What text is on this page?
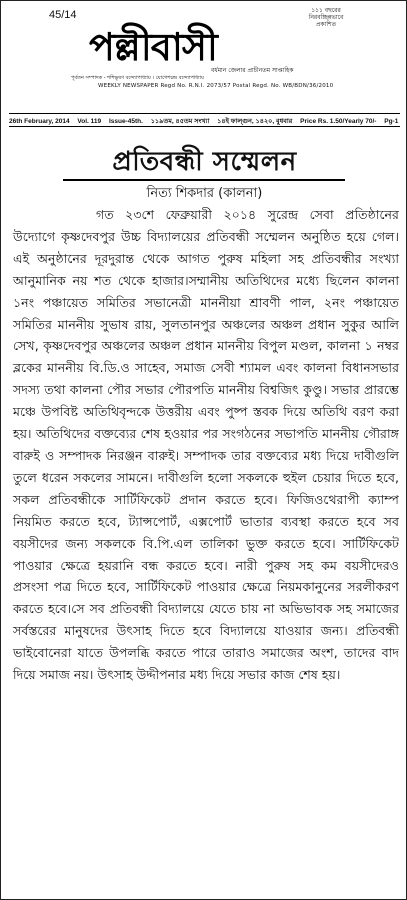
45/14	১১১ বছরের
নিরবচ্ছিন্নভাবে
প্রকাশিত
পল্লীবাসী
বর্ধমান জেলার প্রাচীনতম সাপ্তাহিক
পূর্বতন সম্পাদক - শশিভূষণ বন্দ্যোপাধ্যায় । যোগেশচন্দ্র বন্দ্যোপাধ্যায়
WEEKLY NEWSPAPER Regd No. R.N.I. 2073/57 Postal Regd. No. WB/BDN/36/2010
26th February, 2014 Vol. 119 Issue-45th. ১১৯তম, ৪৫তম সংখ্যা ১৪ই ফাল্গুন, ১৪২০, বুধবার Price Rs. 1.50/Yearly 70/- Pg-1
প্রতিবন্ধী সম্মেলন
নিত্য শিকদার (কালনা)

গত ২৩শে ফেব্রুয়ারী ২০১৪ সুরেন্দ্র সেবা প্রতিষ্ঠানের উদ্যোগে কৃষ্ণদেবপুর উচ্চ বিদ্যালয়ের প্রতিবন্ধী সম্মেলন অনুষ্ঠিত হয়ে গেল।এই অনুষ্ঠানের দূরদুরান্ত থেকে আগত পুরুষ মহিলা সহ প্রতিবন্ধীর সংখ্যা আনুমানিক নয় শত থেকে হাজার।সম্মানীয় অতিথিদের মধ্যে ছিলেন কালনা ১নং পঞ্চায়েত সমিতির সভানেত্রী মাননীয়া শ্রাবণী পাল, ২নং পঞ্চায়েত সমিতির মাননীয় সুভাষ রায়, সুলতানপুর অঞ্চলের অঞ্চল প্রধান সুকুর আলি সেখ, কৃষ্ণদেবপুর অঞ্চলের অঞ্চল প্রধান মাননীয় বিপুল মণ্ডল, কালনা ১ নম্বর ব্লকের মাননীয় বি.ডি.ও সাহেব, সমাজ সেবী শ্যামল এবং কালনা বিধানসভার সদস্য তথা কালনা পৌর সভার পৌরপতি মাননীয় বিশ্বজিৎ কুণ্ডু। সভার প্রারম্ভে মঞ্চে উপবিষ্ট অতিথিবৃন্দকে উত্তরীয় এবং পুষ্প স্তবক দিয়ে অতিথি বরণ করা হয়। অতিথিদের বক্তব্যের শেষ হওয়ার পর সংগঠনের সভাপতি মাননীয় গৌরাঙ্গ বারুই ও সম্পাদক নিরঞ্জন বারুই। সম্পাদক তার বক্তব্যের মধ্য দিয়ে দাবীগুলি তুলে ধরেন সকলের সামনে। দাবীগুলি হলো সকলকে হুইল চেয়ার দিতে হবে, সকল প্রতিবন্ধীকে সার্টিফিকেট প্রদান করতে হবে। ফিজিওথেরাপী ক্যাম্প নিয়মিত করতে হবে, ট্যান্সপোর্ট, এক্সপোর্ট ভাতার ব্যবস্থা করতে হবে সব বয়সীদের জন্য সকলকে বি.পি.এল তালিকা ভুক্ত করতে হবে। সার্টিফিকেট পাওয়ার ক্ষেত্রে হয়রানি বন্ধ করতে হবে। নারী পুরুষ সহ কম বয়সীদেরও প্রসংসা পত্র দিতে হবে, সার্টিফিকেট পাওয়ার ক্ষেত্রে নিয়মকানুনের সরলীকরণ করতে হবে।সে সব প্রতিবন্ধী বিদ্যালয়ে যেতে চায় না অভিভাবক সহ সমাজের সর্বস্তরের মানুষদের উৎসাহ দিতে হবে বিদ্যালয়ে যাওয়ার জন্য। প্রতিবন্ধী ভাইবোনেরা যাতে উপলব্ধি করতে পারে তারাও সমাজের অংশ, তাদের বাদ দিয়ে সমাজ নয়। উৎসাহ উদ্দীপনার মধ্য দিয়ে সভার কাজ শেষ হয়।
